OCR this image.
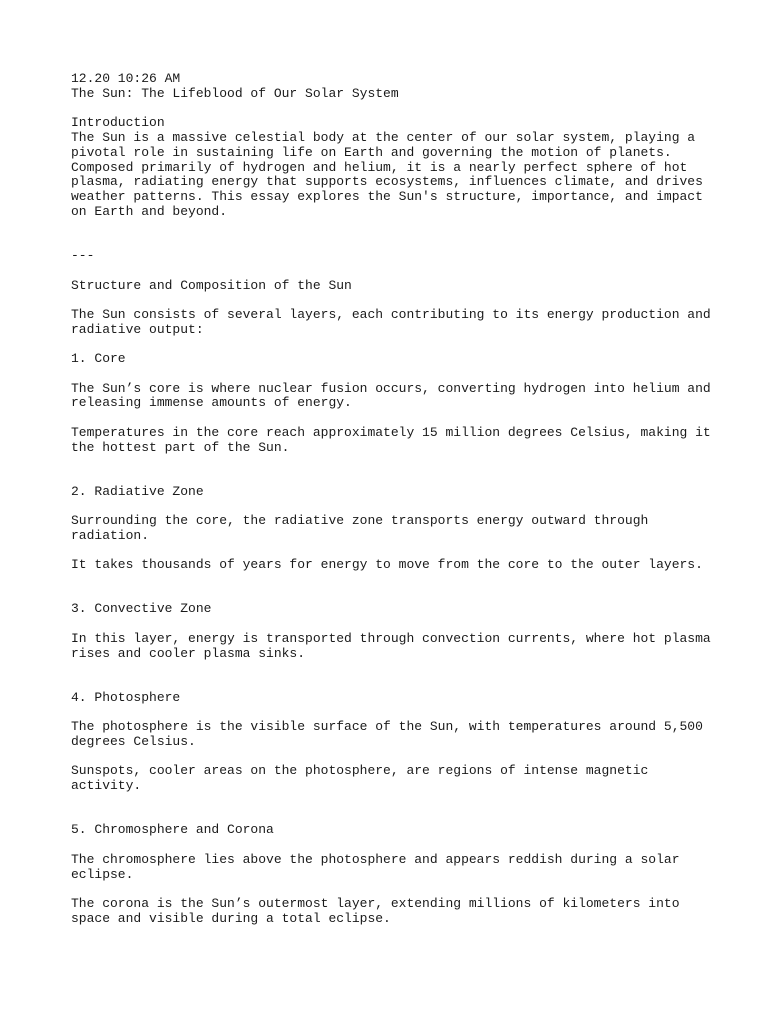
12.20 10:26 AM
The Sun: The Lifeblood of Our Solar System
Introduction

The Sun is a massive celestial body at the center of our solar system, playing a
pivotal role in sustaining life on Earth and governing the motion of planets.
Composed primarily of hydrogen and helium, it is a nearly perfect sphere of hot
plasma, radiating energy that supports ecosystems, influences climate, and drives
weather patterns. This essay explores the Sun's structure, importance, and impact
on Earth and beyond.

---
Structure and Composition of the Sun

The Sun consists of several layers, each contributing to its energy production and
radiative output:

1. Core

The Sun’s core is where nuclear fusion occurs, converting hydrogen into helium and
releasing immense amounts of energy.

Temperatures in the core reach approximately 15 million degrees Celsius, making it
the hottest part of the Sun.

2. Radiative Zone

Surrounding the core, the radiative zone transports energy outward through
radiation.

It takes thousands of years for energy to move from the core to the outer layers.

3. Convective Zone

In this layer, energy is transported through convection currents, where hot plasma
rises and cooler plasma sinks.

4. Photosphere

The photosphere is the visible surface of the Sun, with temperatures around 5,500
degrees Celsius.

Sunspots, cooler areas on the photosphere, are regions of intense magnetic
activity.

5. Chromosphere and Corona

The chromosphere lies above the photosphere and appears reddish during a solar
eclipse.

The corona is the Sun’s outermost layer, extending millions of kilometers into
space and visible during a total eclipse.
